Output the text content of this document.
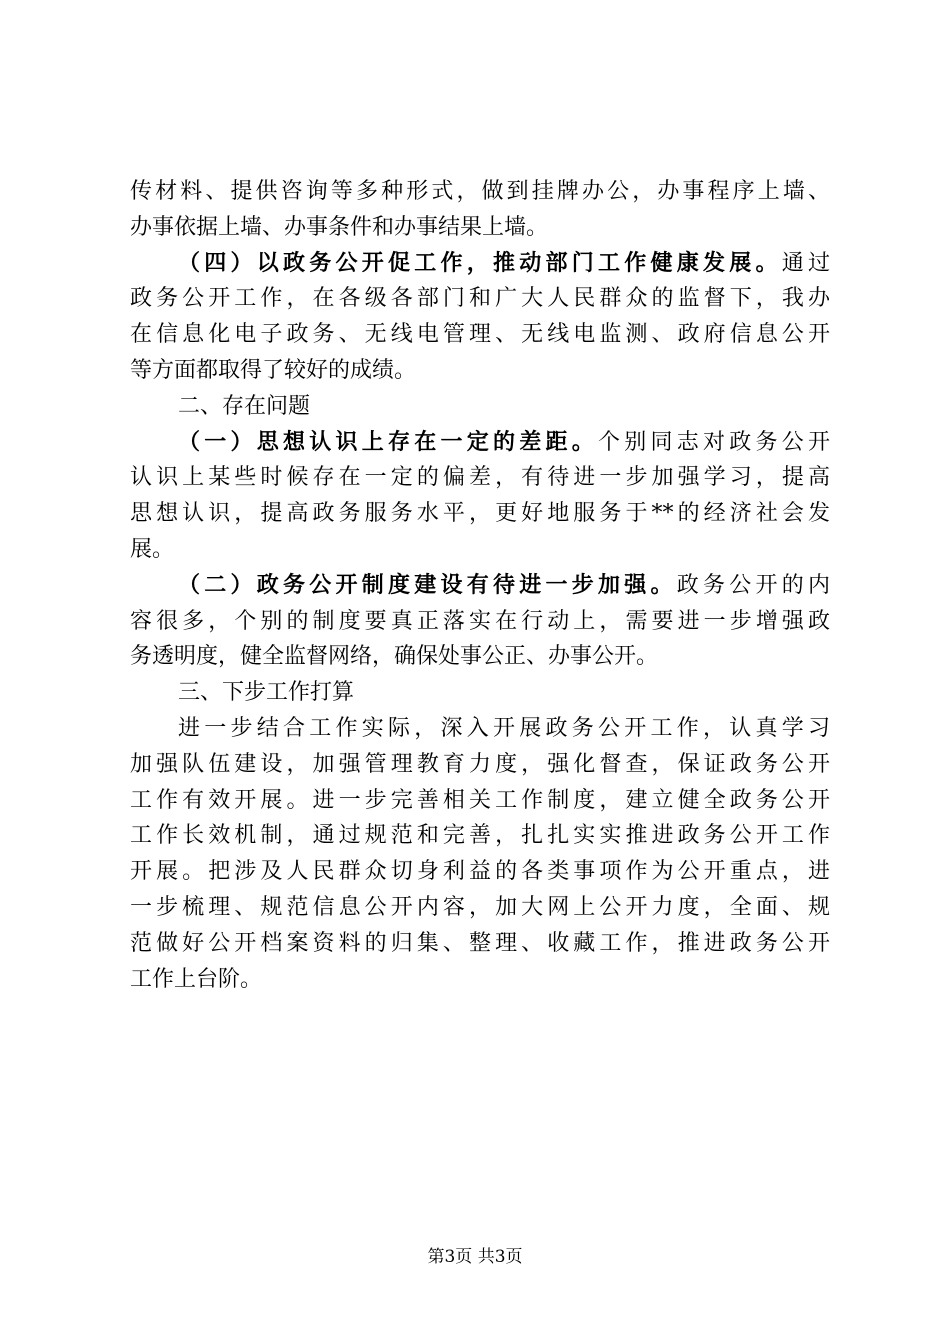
传材料、提供咨询等多种形式，做到挂牌办公，办事程序上墙、
办事依据上墙、办事条件和办事结果上墙。
（四）以政务公开促工作，推动部门工作健康发展。通过
政务公开工作，在各级各部门和广大人民群众的监督下，我办
在信息化电子政务、无线电管理、无线电监测、政府信息公开
等方面都取得了较好的成绩。
二、存在问题
（一）思想认识上存在一定的差距。个别同志对政务公开
认识上某些时候存在一定的偏差，有待进一步加强学习，提高
思想认识，提高政务服务水平，更好地服务于**的经济社会发
展。
（二）政务公开制度建设有待进一步加强。政务公开的内
容很多，个别的制度要真正落实在行动上，需要进一步增强政
务透明度，健全监督网络，确保处事公正、办事公开。
三、下步工作打算
进一步结合工作实际，深入开展政务公开工作，认真学习
加强队伍建设，加强管理教育力度，强化督查，保证政务公开
工作有效开展。进一步完善相关工作制度，建立健全政务公开
工作长效机制，通过规范和完善，扎扎实实推进政务公开工作
开展。把涉及人民群众切身利益的各类事项作为公开重点，进
一步梳理、规范信息公开内容，加大网上公开力度，全面、规
范做好公开档案资料的归集、整理、收藏工作，推进政务公开
工作上台阶。
第3页 共3页
